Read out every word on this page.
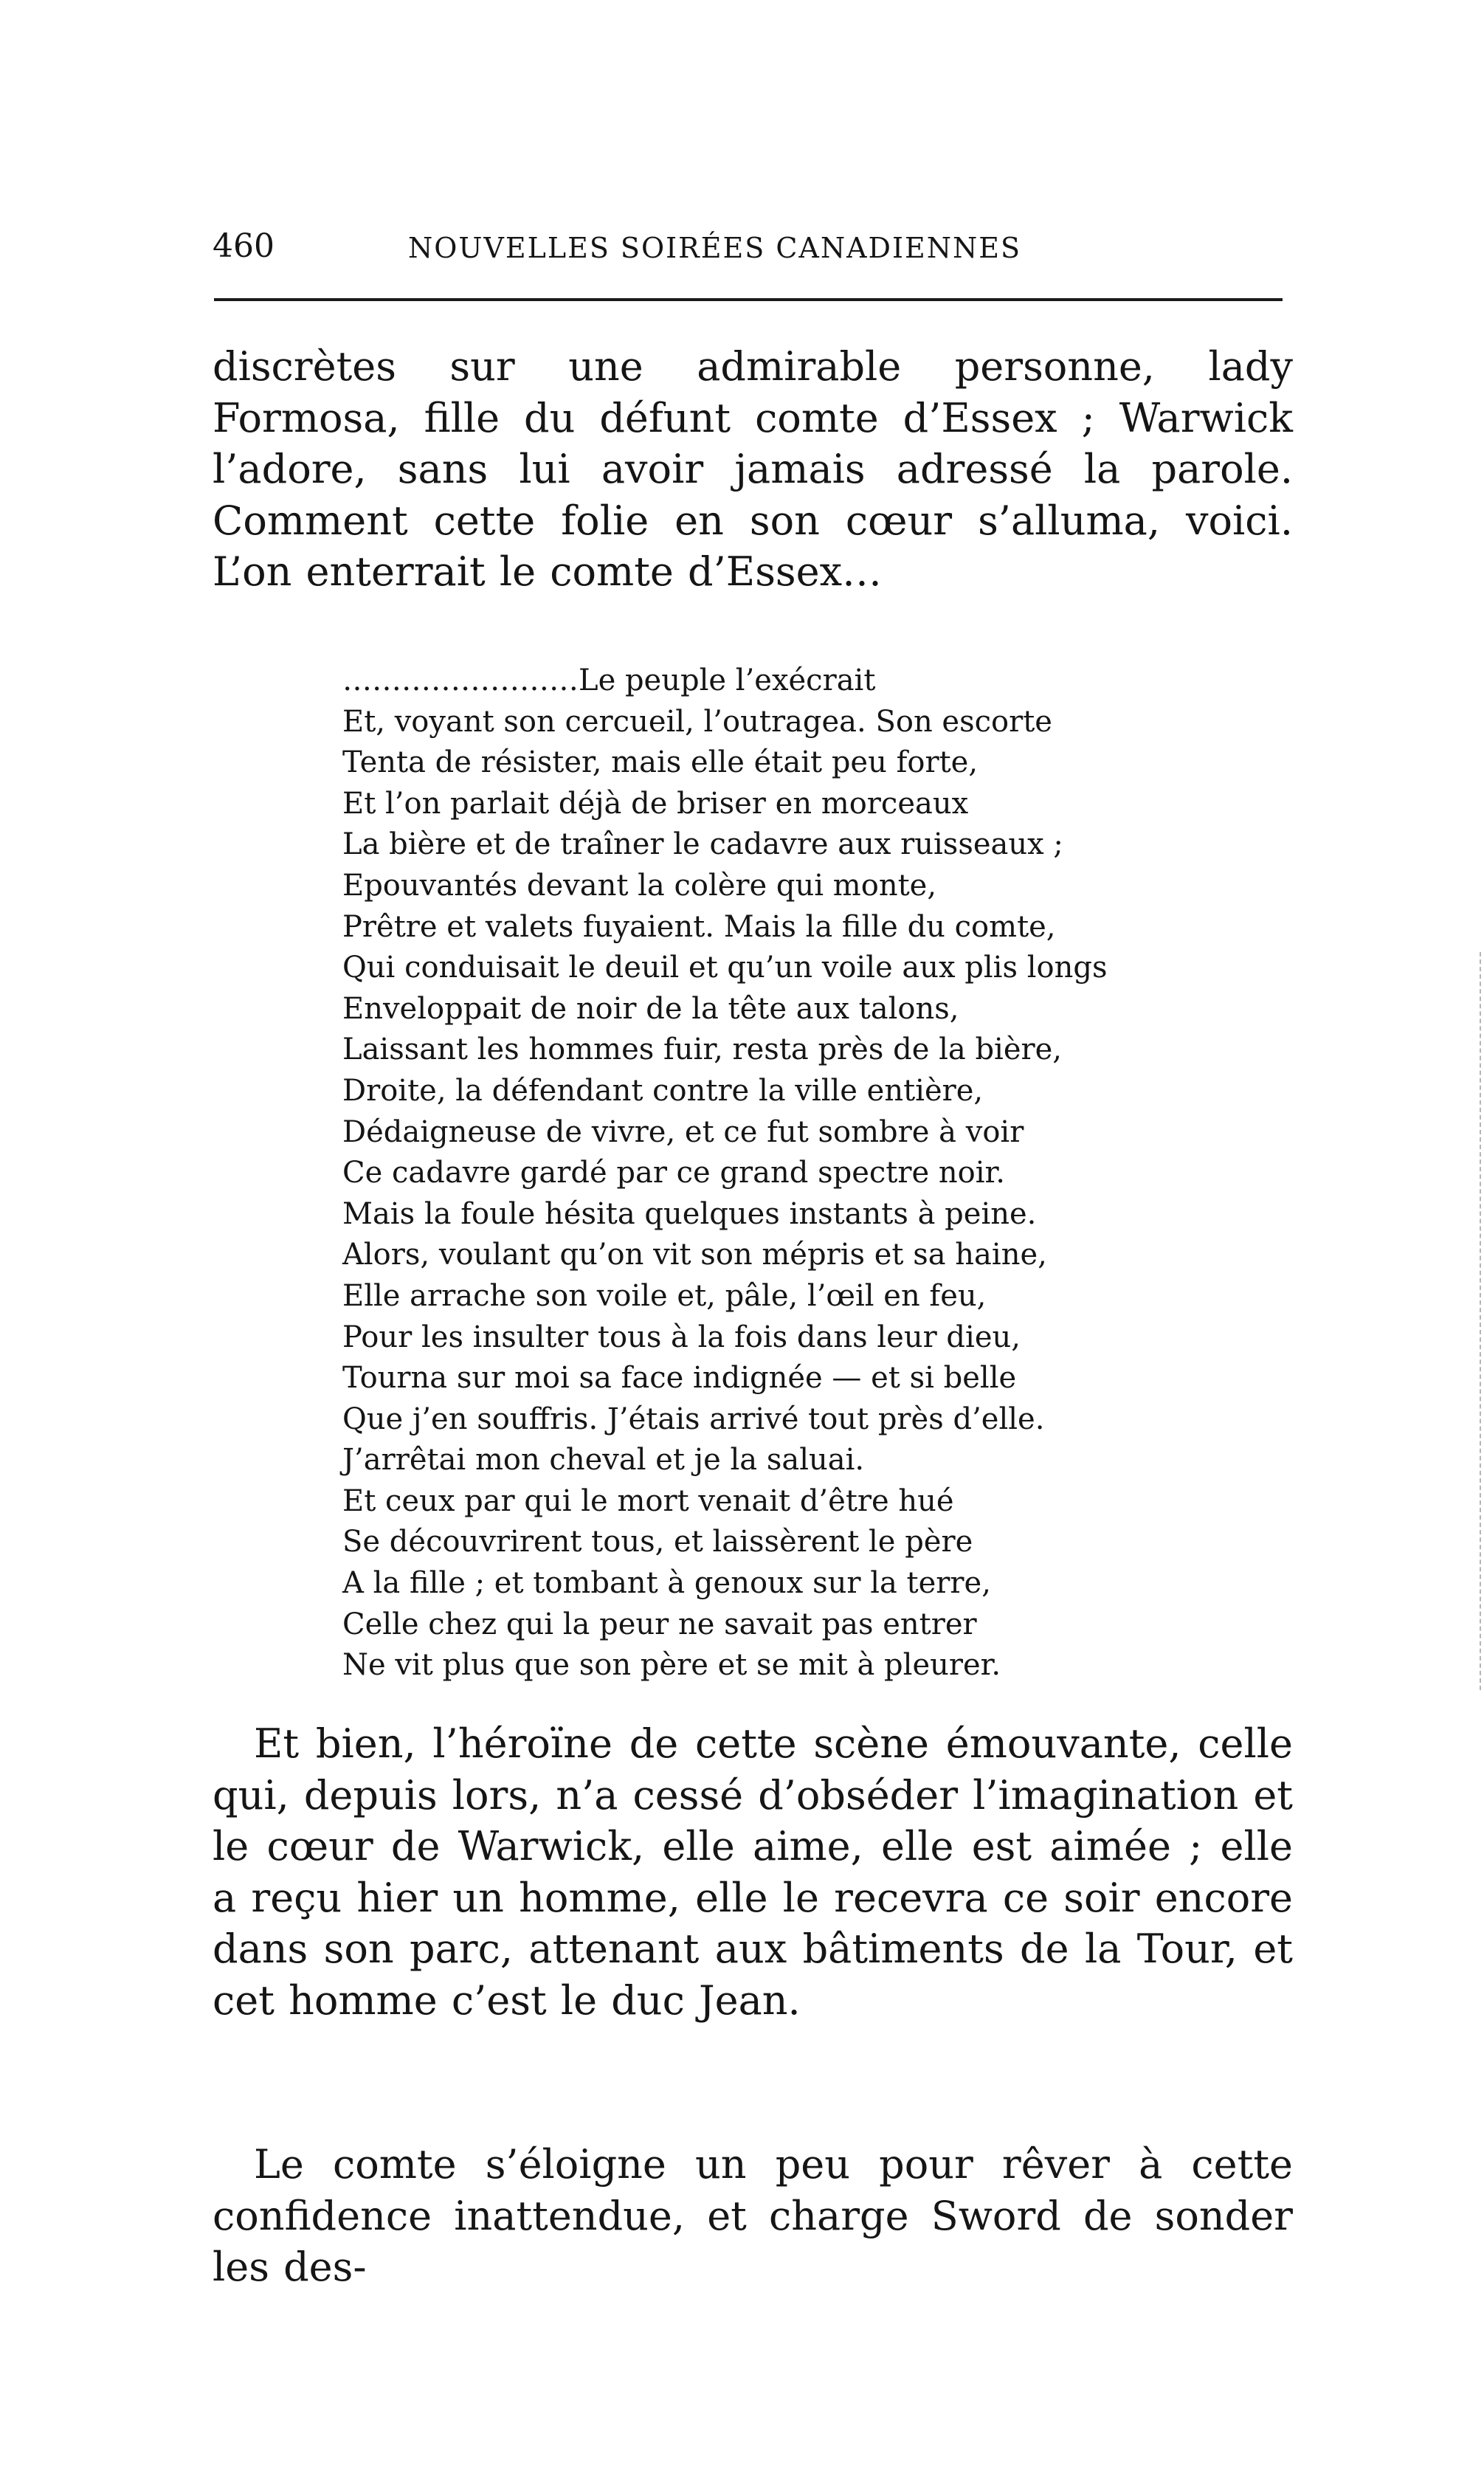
460	NOUVELLES SOIRÉES CANADIENNES

discrètes sur une admirable personne, lady Formosa, fille du défunt comte d’Essex ; Warwick l’adore, sans lui avoir jamais adressé la parole. Comment cette folie en son cœur s’alluma, voici. L’on enterrait le comte d’Essex…

……………………Le peuple l’exécrait
Et, voyant son cercueil, l’outragea. Son escorte
Tenta de résister, mais elle était peu forte,
Et l’on parlait déjà de briser en morceaux
La bière et de traîner le cadavre aux ruisseaux ;
Epouvantés devant la colère qui monte,
Prêtre et valets fuyaient. Mais la fille du comte,
Qui conduisait le deuil et qu’un voile aux plis longs
Enveloppait de noir de la tête aux talons,
Laissant les hommes fuir, resta près de la bière,
Droite, la défendant contre la ville entière,
Dédaigneuse de vivre, et ce fut sombre à voir
Ce cadavre gardé par ce grand spectre noir.
Mais la foule hésita quelques instants à peine.
Alors, voulant qu’on vit son mépris et sa haine,
Elle arrache son voile et, pâle, l’œil en feu,
Pour les insulter tous à la fois dans leur dieu,
Tourna sur moi sa face indignée — et si belle
Que j’en souffris. J’étais arrivé tout près d’elle.
J’arrêtai mon cheval et je la saluai.
Et ceux par qui le mort venait d’être hué
Se découvrirent tous, et laissèrent le père
A la fille ; et tombant à genoux sur la terre,
Celle chez qui la peur ne savait pas entrer
Ne vit plus que son père et se mit à pleurer.

Et bien, l’héroïne de cette scène émouvante, celle qui, depuis lors, n’a cessé d’obséder l’imagination et le cœur de Warwick, elle aime, elle est aimée ; elle a reçu hier un homme, elle le recevra ce soir encore dans son parc, attenant aux bâtiments de la Tour, et cet homme c’est le duc Jean.

Le comte s’éloigne un peu pour rêver à cette confidence inattendue, et charge Sword de sonder les des-
